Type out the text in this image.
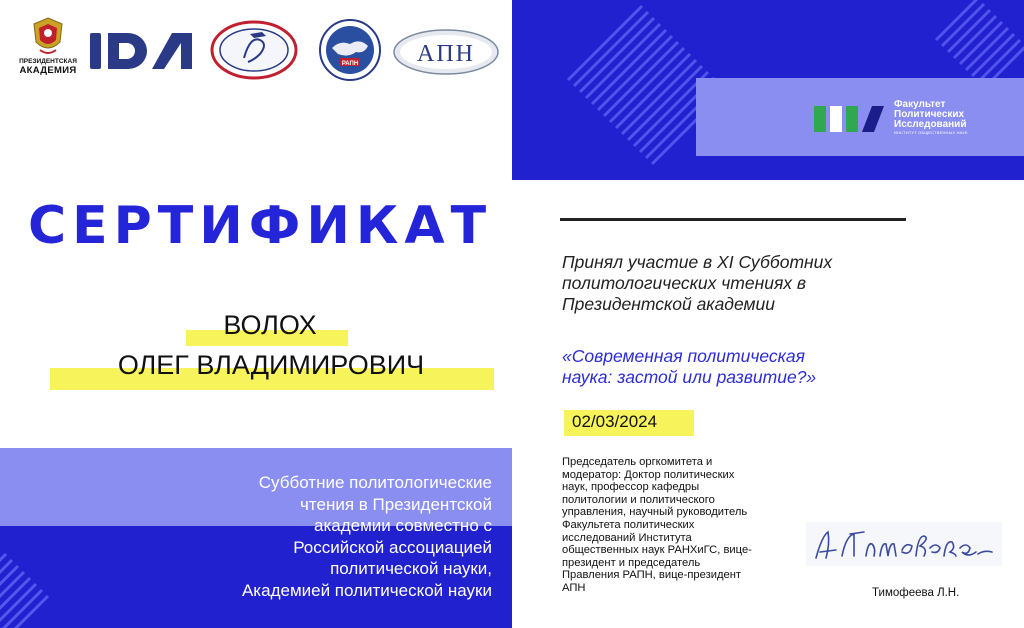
Факультет
Политических
Исследований
ИНСТИТУТ ОБЩЕСТВЕННЫХ НАУК
Субботние политологические
чтения в Президентской
академии совместно с
Российской ассоциацией
политической науки,
Академией политической науки
ПРЕЗИДЕНТСКАЯ
АКАДЕМИЯ
РАПН АПН
СЕРТИФИКАТ
ВОЛОХ
ОЛЕГ ВЛАДИМИРОВИЧ
Принял участие в XI Субботних
политологических чтениях в
Президентской академии
«Современная политическая
наука: застой или развитие?»
02/03/2024
Председатель оргкомитета и
модератор: Доктор политических
наук, профессор кафедры
политологии и политического
управления, научный руководитель
Факультета политических
исследований Института
общественных наук РАНХиГС, вице-
президент и председатель
Правления РАПН, вице-президент
АПН	Тимофеева Л.Н.
